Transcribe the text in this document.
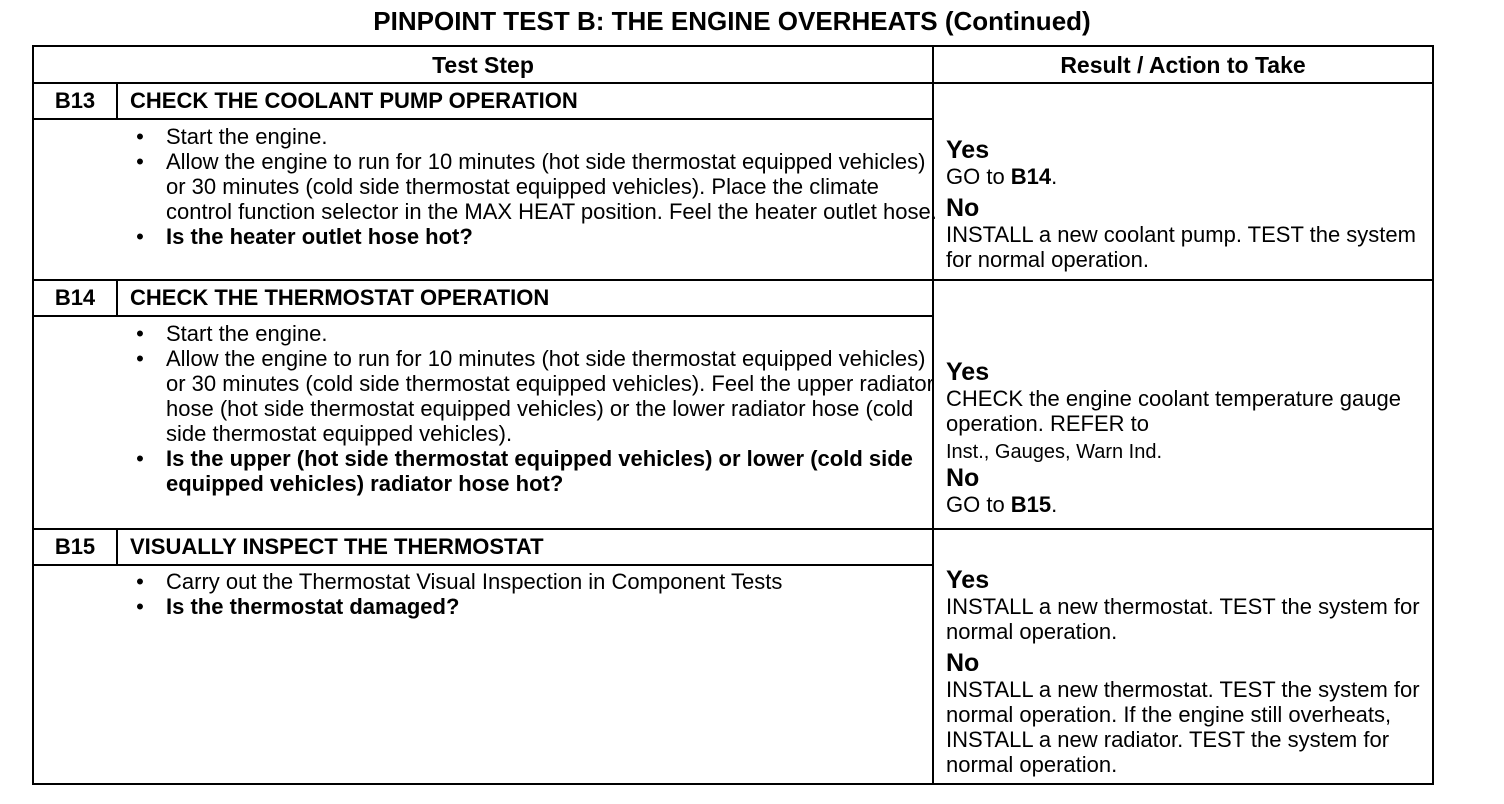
PINPOINT TEST B: THE ENGINE OVERHEATS (Continued)
Test Step	Result / Action to Take
B13	CHECK THE COOLANT PUMP OPERATION
• Start the engine.
• Allow the engine to run for 10 minutes (hot side thermostat equipped vehicles) or 30 minutes (cold side thermostat equipped vehicles). Place the climate control function selector in the MAX HEAT position. Feel the heater outlet hose.
• Is the heater outlet hose hot?
Yes
GO to B14.
No
INSTALL a new coolant pump. TEST the system for normal operation.
B14	CHECK THE THERMOSTAT OPERATION
• Start the engine.
• Allow the engine to run for 10 minutes (hot side thermostat equipped vehicles) or 30 minutes (cold side thermostat equipped vehicles). Feel the upper radiator hose (hot side thermostat equipped vehicles) or the lower radiator hose (cold side thermostat equipped vehicles).
• Is the upper (hot side thermostat equipped vehicles) or lower (cold side equipped vehicles) radiator hose hot?
Yes
CHECK the engine coolant temperature gauge operation. REFER to
Inst., Gauges, Warn Ind.
No
GO to B15.
B15	VISUALLY INSPECT THE THERMOSTAT
• Carry out the Thermostat Visual Inspection in Component Tests
• Is the thermostat damaged?
Yes
INSTALL a new thermostat. TEST the system for normal operation.
No
INSTALL a new thermostat. TEST the system for normal operation. If the engine still overheats, INSTALL a new radiator. TEST the system for normal operation.
